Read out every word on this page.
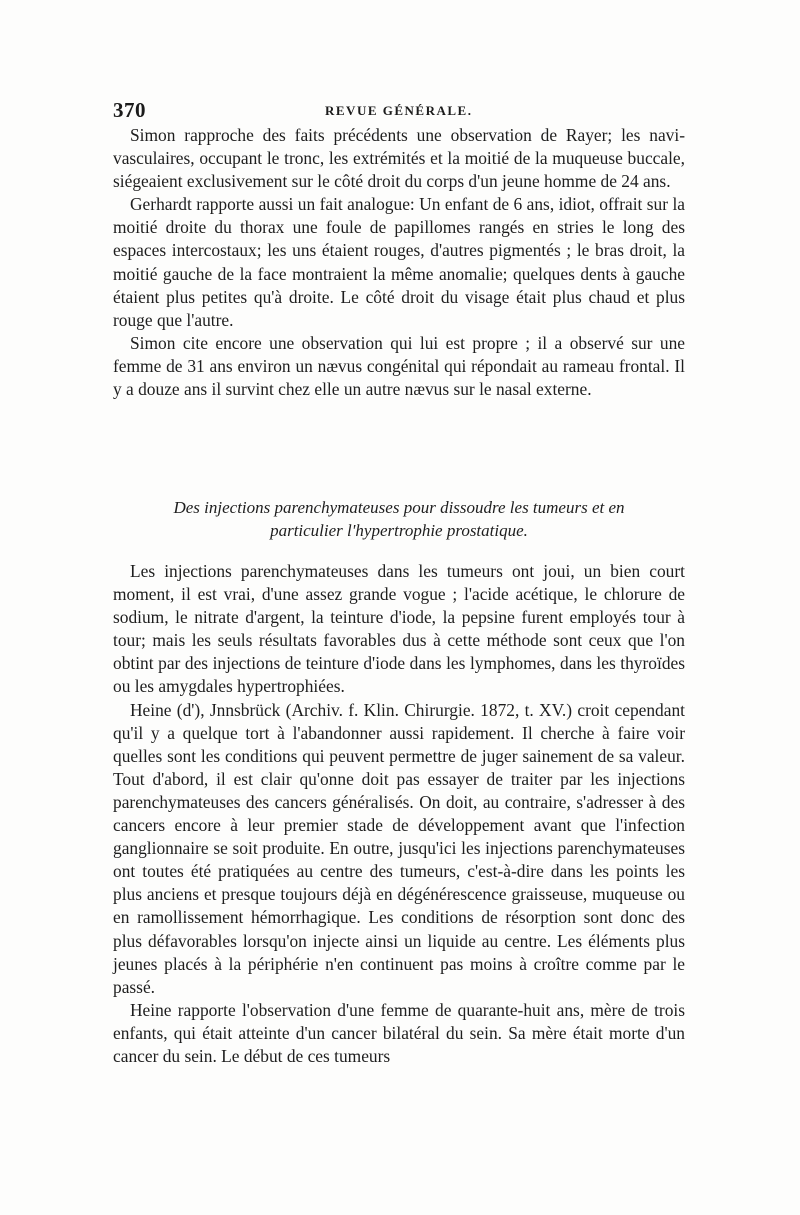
370	REVUE GÉNÉRALE.

Simon rapproche des faits précédents une observation de Rayer; les navi-vasculaires, occupant le tronc, les extrémités et la moitié de la muqueuse buccale, siégeaient exclusivement sur le côté droit du corps d'un jeune homme de 24 ans.

Gerhardt rapporte aussi un fait analogue: Un enfant de 6 ans, idiot, offrait sur la moitié droite du thorax une foule de papillomes rangés en stries le long des espaces intercostaux; les uns étaient rouges, d'autres pigmentés ; le bras droit, la moitié gauche de la face montraient la même anomalie; quelques dents à gauche étaient plus petites qu'à droite. Le côté droit du visage était plus chaud et plus rouge que l'autre.

Simon cite encore une observation qui lui est propre ; il a observé sur une femme de 31 ans environ un nævus congénital qui répondait au rameau frontal. Il y a douze ans il survint chez elle un autre nævus sur le nasal externe.

Des injections parenchymateuses pour dissoudre les tumeurs et en
particulier l'hypertrophie prostatique.

Les injections parenchymateuses dans les tumeurs ont joui, un bien court moment, il est vrai, d'une assez grande vogue ; l'acide acétique, le chlorure de sodium, le nitrate d'argent, la teinture d'iode, la pepsine furent employés tour à tour; mais les seuls résultats favorables dus à cette méthode sont ceux que l'on obtint par des injections de teinture d'iode dans les lymphomes, dans les thyroïdes ou les amygdales hypertrophiées.

Heine (d'), Jnnsbrück (Archiv. f. Klin. Chirurgie. 1872, t. XV.) croit cependant qu'il y a quelque tort à l'abandonner aussi rapidement. Il cherche à faire voir quelles sont les conditions qui peuvent permettre de juger sainement de sa valeur. Tout d'abord, il est clair qu'onne doit pas essayer de traiter par les injections parenchymateuses des cancers généralisés. On doit, au contraire, s'adresser à des cancers encore à leur premier stade de développement avant que l'infection ganglionnaire se soit produite. En outre, jusqu'ici les injections parenchymateuses ont toutes été pratiquées au centre des tumeurs, c'est-à-dire dans les points les plus anciens et presque toujours déjà en dégénérescence graisseuse, muqueuse ou en ramollissement hémorrhagique. Les conditions de résorption sont donc des plus défavorables lorsqu'on injecte ainsi un liquide au centre. Les éléments plus jeunes placés à la périphérie n'en continuent pas moins à croître comme par le passé.

Heine rapporte l'observation d'une femme de quarante-huit ans, mère de trois enfants, qui était atteinte d'un cancer bilatéral du sein. Sa mère était morte d'un cancer du sein. Le début de ces tumeurs
